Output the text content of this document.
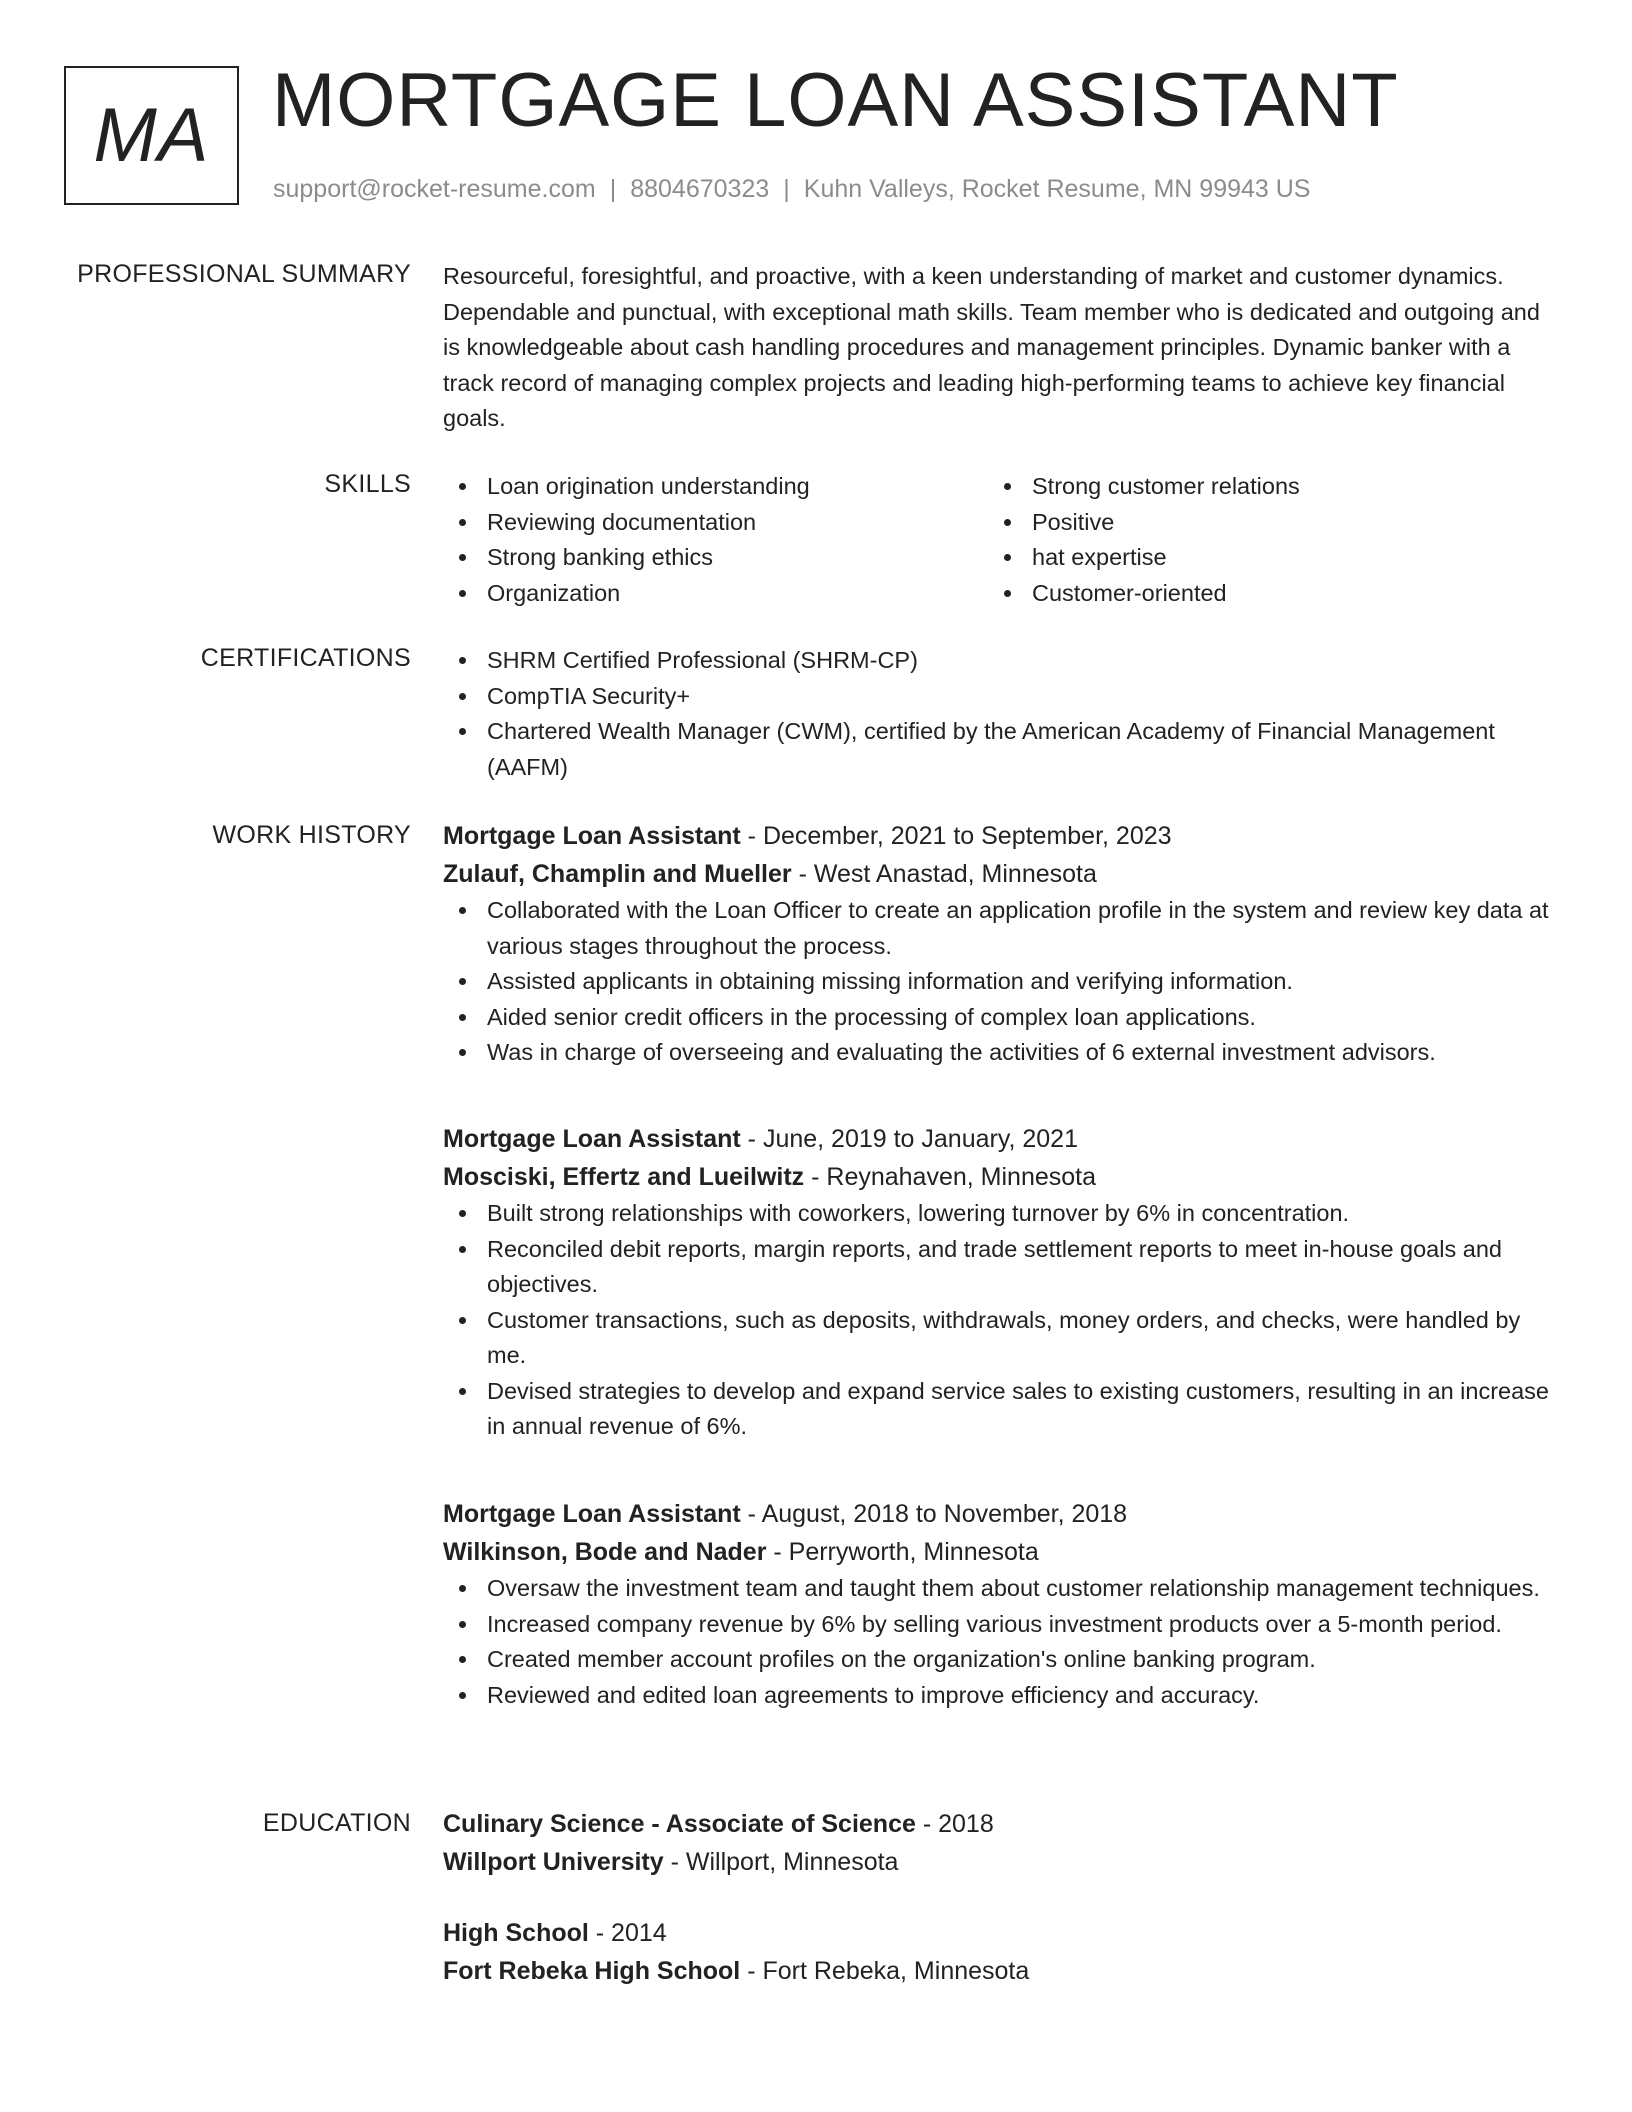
MA MORTGAGE LOAN ASSISTANT
support@rocket-resume.com | 8804670323 | Kuhn Valleys, Rocket Resume, MN 99943 US
PROFESSIONAL SUMMARY Resourceful, foresightful, and proactive, with a keen understanding of market and customer dynamics. Dependable and punctual, with exceptional math skills. Team member who is dedicated and outgoing and is knowledgeable about cash handling procedures and management principles. Dynamic banker with a track record of managing complex projects and leading high-performing teams to achieve key financial goals.
SKILLS	Loan origination understanding
Reviewing documentation
Strong banking ethics
Organization
Strong customer relations
Positive
hat expertise
Customer-oriented
CERTIFICATIONS	SHRM Certified Professional (SHRM-CP)
CompTIA Security+
Chartered Wealth Manager (CWM), certified by the American Academy of Financial Management (AAFM)
WORK HISTORY Mortgage Loan Assistant - December, 2021 to September, 2023
Zulauf, Champlin and Mueller - West Anastad, Minnesota
Collaborated with the Loan Officer to create an application profile in the system and review key data at various stages throughout the process.
Assisted applicants in obtaining missing information and verifying information.
Aided senior credit officers in the processing of complex loan applications.
Was in charge of overseeing and evaluating the activities of 6 external investment advisors.
Mortgage Loan Assistant - June, 2019 to January, 2021
Mosciski, Effertz and Lueilwitz - Reynahaven, Minnesota
Built strong relationships with coworkers, lowering turnover by 6% in concentration.
Reconciled debit reports, margin reports, and trade settlement reports to meet in-house goals and objectives.
Customer transactions, such as deposits, withdrawals, money orders, and checks, were handled by me.
Devised strategies to develop and expand service sales to existing customers, resulting in an increase in annual revenue of 6%.
Mortgage Loan Assistant - August, 2018 to November, 2018
Wilkinson, Bode and Nader - Perryworth, Minnesota
Oversaw the investment team and taught them about customer relationship management techniques.
Increased company revenue by 6% by selling various investment products over a 5-month period.
Created member account profiles on the organization's online banking program.
Reviewed and edited loan agreements to improve efficiency and accuracy.
EDUCATION Culinary Science - Associate of Science - 2018
Willport University - Willport, Minnesota
High School - 2014
Fort Rebeka High School - Fort Rebeka, Minnesota
